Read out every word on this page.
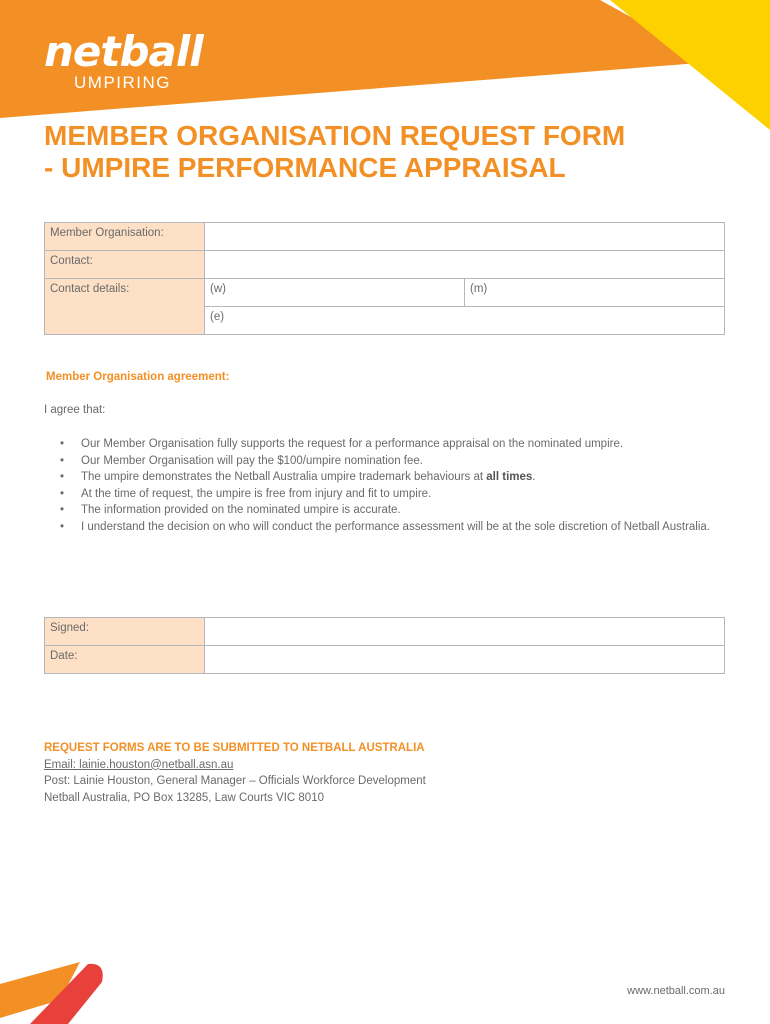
netball
UMPIRING
MEMBER ORGANISATION REQUEST FORM
- UMPIRE PERFORMANCE APPRAISAL
Member Organisation:		
Contact:		
Contact details:	(w)	(m)
	(e)	
Member Organisation agreement:
I agree that:
• Our Member Organisation fully supports the request for a performance appraisal on the nominated umpire.
• Our Member Organisation will pay the $100/umpire nomination fee.
• The umpire demonstrates the Netball Australia umpire trademark behaviours at all times.
• At the time of request, the umpire is free from injury and fit to umpire.
• The information provided on the nominated umpire is accurate.
• I understand the decision on who will conduct the performance assessment will be at the sole discretion of Netball Australia.
Signed:	
Date:	
REQUEST FORMS ARE TO BE SUBMITTED TO NETBALL AUSTRALIA
Email: lainie.houston@netball.asn.au
Post: Lainie Houston, General Manager – Officials Workforce Development
Netball Australia, PO Box 13285, Law Courts VIC 8010
www.netball.com.au
